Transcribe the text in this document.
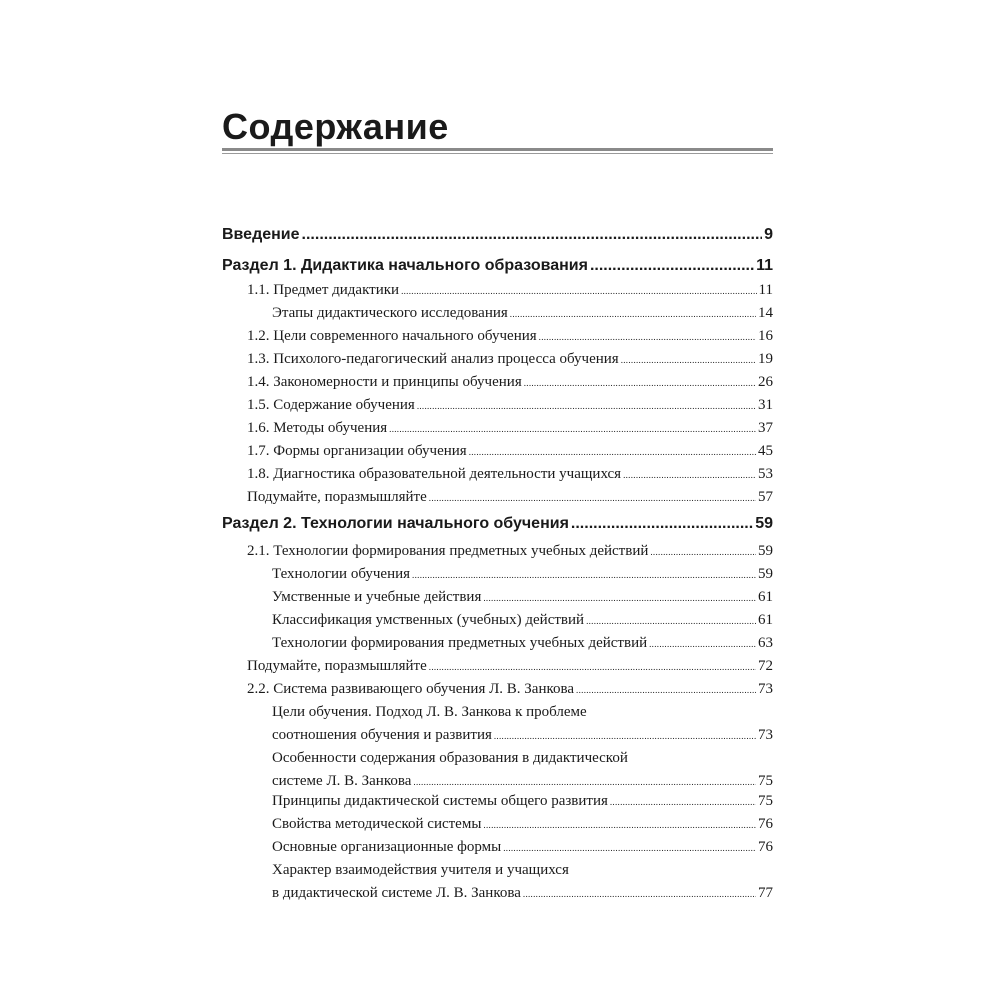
Содержание
Введение .....	9
Раздел 1. Дидактика начального образования .....	11
1.1. Предмет дидактики .....	11
Этапы дидактического исследования .....	14
1.2. Цели современного начального обучения .....	16
1.3. Психолого-педагогический анализ процесса обучения .....	19
1.4. Закономерности и принципы обучения .....	26
1.5. Содержание обучения .....	31
1.6. Методы обучения .....	37
1.7. Формы организации обучения .....	45
1.8. Диагностика образовательной деятельности учащихся .....	53
Подумайте, поразмышляйте .....	57
Раздел 2. Технологии начального обучения .....	59
2.1. Технологии формирования предметных учебных действий .....	59
Технологии обучения .....	59
Умственные и учебные действия .....	61
Классификация умственных (учебных) действий .....	61
Технологии формирования предметных учебных действий .....	63
Подумайте, поразмышляйте .....	72
2.2. Система развивающего обучения Л. В. Занкова .....	73
Цели обучения. Подход Л. В. Занкова к проблеме
соотношения обучения и развития .....	73
Особенности содержания образования в дидактической
системе Л. В. Занкова .....	75
Принципы дидактической системы общего развития .....	75
Свойства методической системы .....	76
Основные организационные формы .....	76
Характер взаимодействия учителя и учащихся
в дидактической системе Л. В. Занкова .....	77
